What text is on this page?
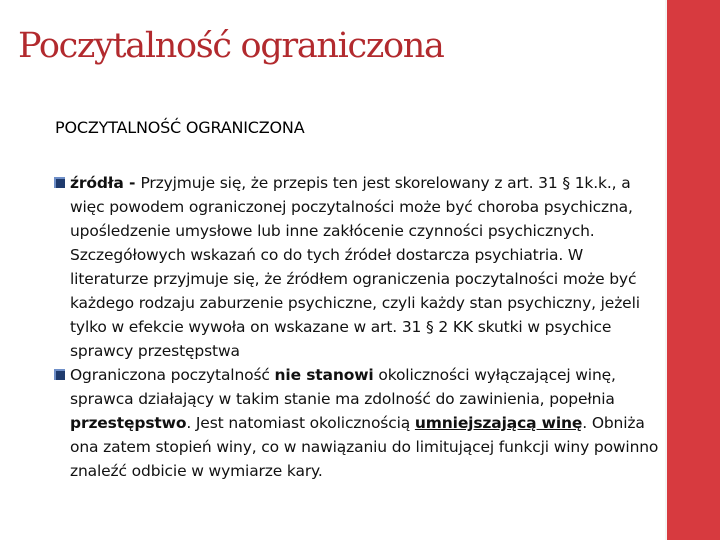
Poczytalność ograniczona
POCZYTALNOŚĆ OGRANICZONA

źródła - Przyjmuje się, że przepis ten jest skorelowany z art. 31 § 1k.k., a więc powodem ograniczonej poczytalności może być choroba psychiczna, upośledzenie umysłowe lub inne zakłócenie czynności psychicznych. Szczegółowych wskazań co do tych źródeł dostarcza psychiatria. W literaturze przyjmuje się, że źródłem ograniczenia poczytalności może być każdego rodzaju zaburzenie psychiczne, czyli każdy stan psychiczny, jeżeli tylko w efekcie wywoła on wskazane w art. 31 § 2 KK skutki w psychice sprawcy przestępstwa

Ograniczona poczytalność nie stanowi okoliczności wyłączającej winę, sprawca działający w takim stanie ma zdolność do zawinienia, popełnia przestępstwo. Jest natomiast okolicznością umniejszającą winę. Obniża ona zatem stopień winy, co w nawiązaniu do limitującej funkcji winy powinno znaleźć odbicie w wymiarze kary.
